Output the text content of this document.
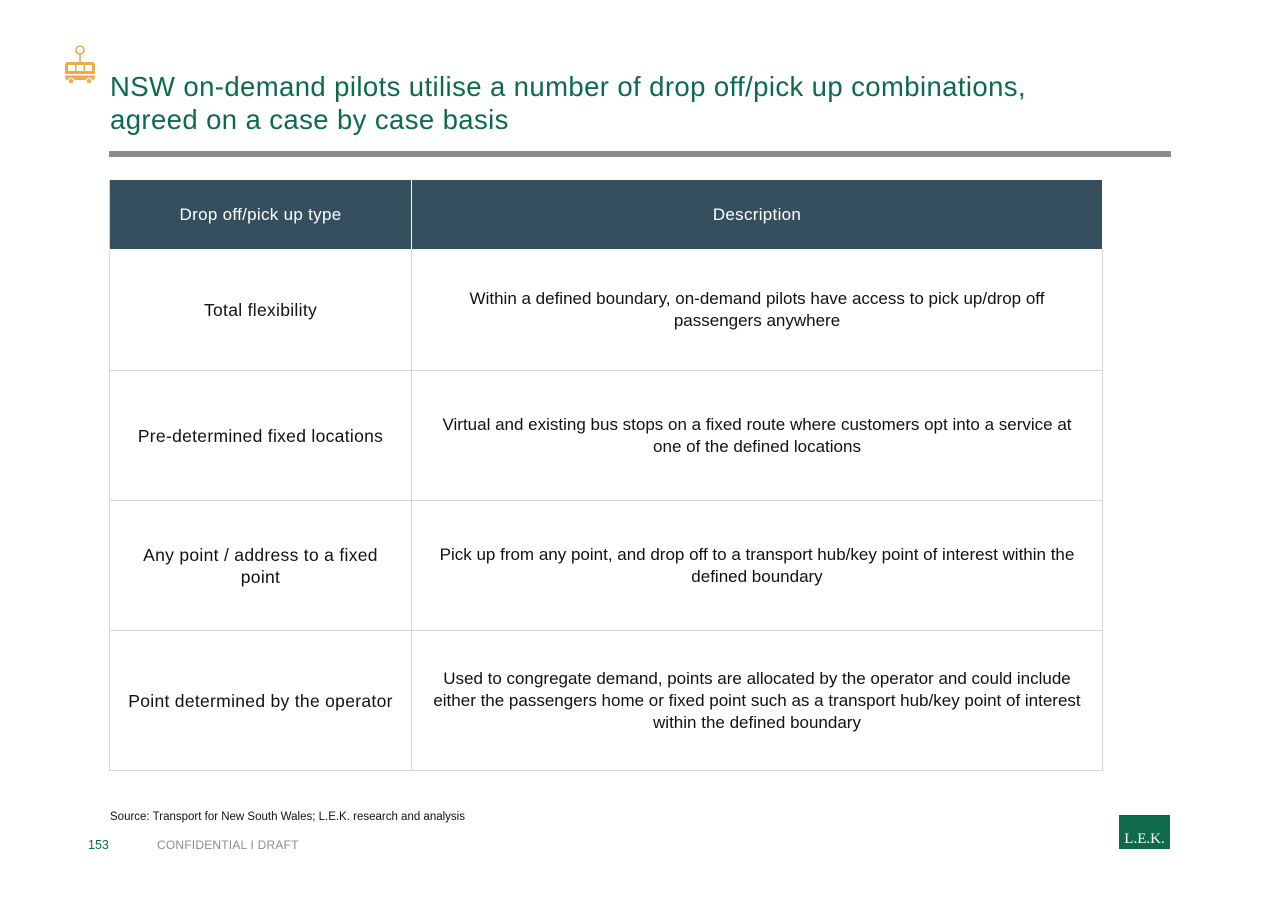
NSW on-demand pilots utilise a number of drop off/pick up combinations,
agreed on a case by case basis
Drop off/pick up type	Description
Total flexibility	Within a defined boundary, on-demand pilots have access to pick up/drop off passengers anywhere
Pre-determined fixed locations	Virtual and existing bus stops on a fixed route where customers opt into a service at one of the defined locations
Any point / address to a fixed point	Pick up from any point, and drop off to a transport hub/key point of interest within the defined boundary
Point determined by the operator	Used to congregate demand, points are allocated by the operator and could include either the passengers home or fixed point such as a transport hub/key point of interest within the defined boundary
Source: Transport for New South Wales; L.E.K. research and analysis
153	CONFIDENTIAL I DRAFT	L.E.K.
